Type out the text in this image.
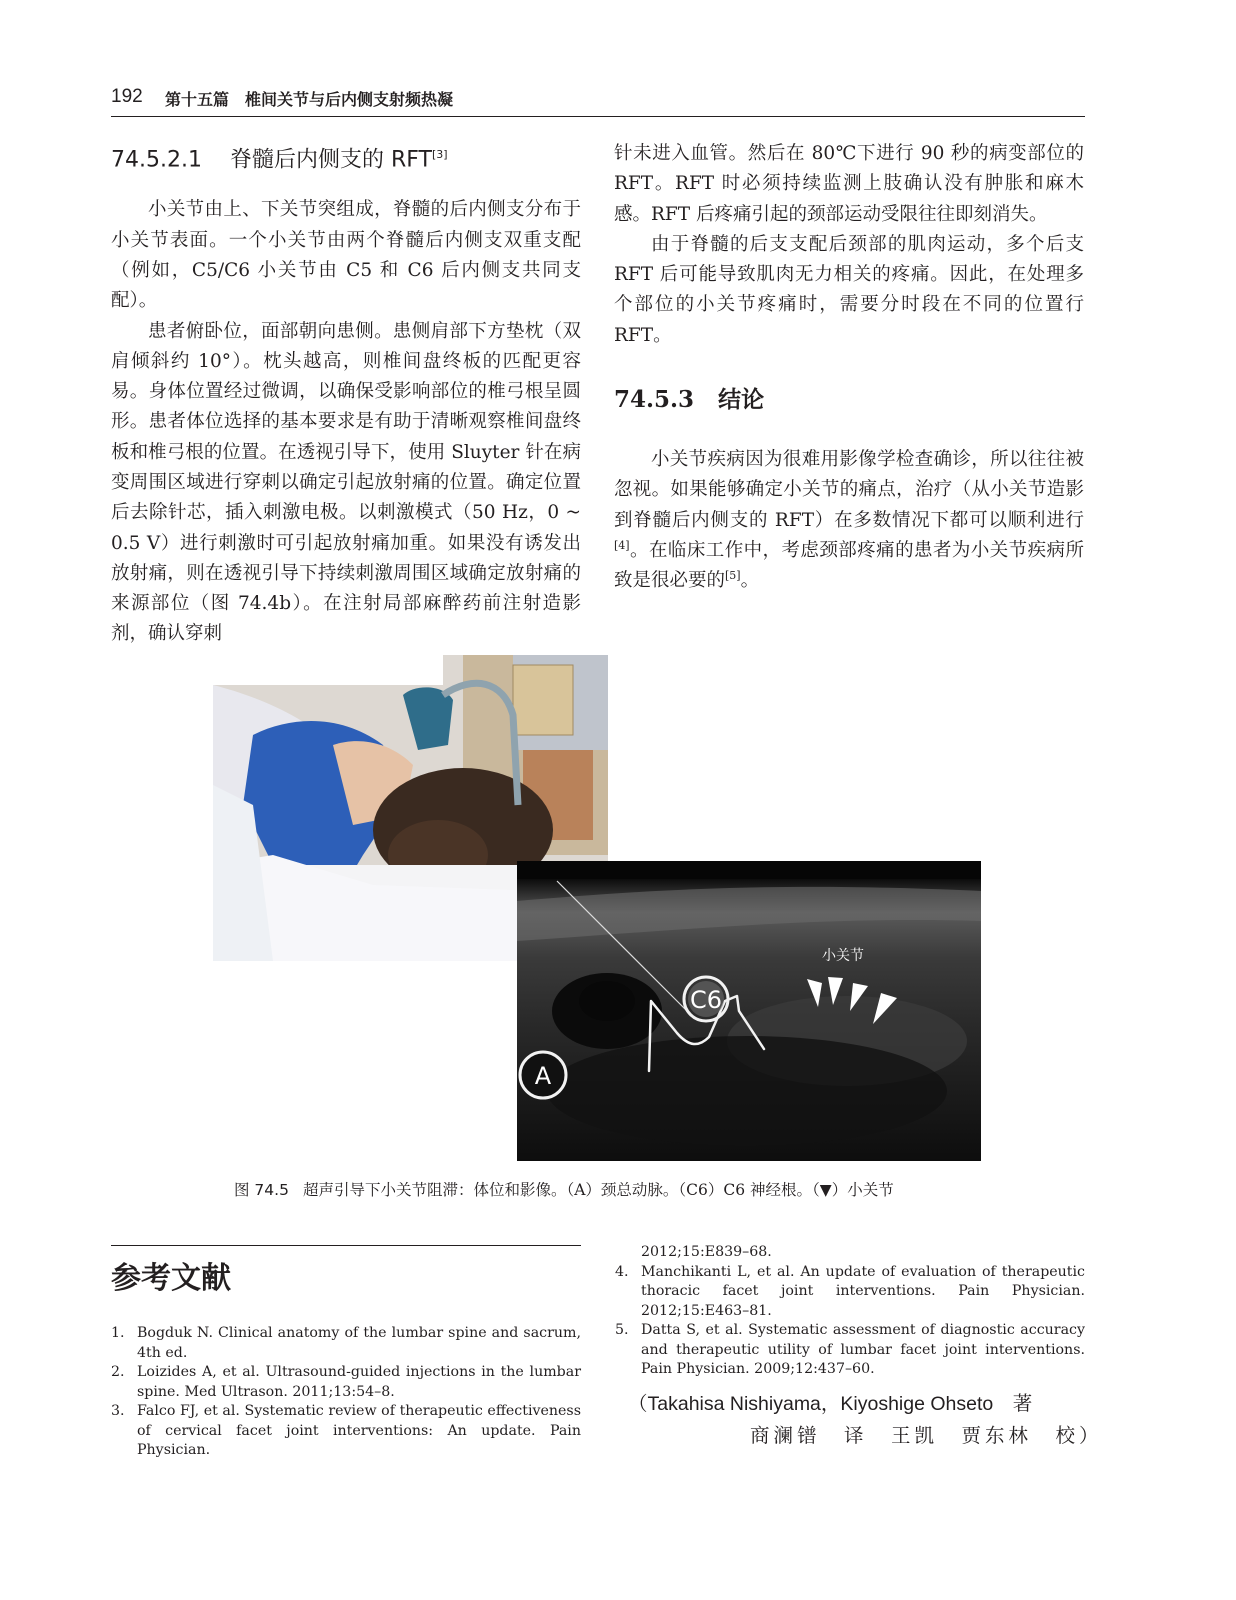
192 第十五篇　椎间关节与后内侧支射频热凝
74.5.2.1 脊髓后内侧支的 RFT[3]

小关节由上、下关节突组成，脊髓的后内侧支分布于小关节表面。一个小关节由两个脊髓后内侧支双重支配（例如，C5/C6 小关节由 C5 和 C6 后内侧支共同支配）。

患者俯卧位，面部朝向患侧。患侧肩部下方垫枕（双肩倾斜约 10°）。枕头越高，则椎间盘终板的匹配更容易。身体位置经过微调，以确保受影响部位的椎弓根呈圆形。患者体位选择的基本要求是有助于清晰观察椎间盘终板和椎弓根的位置。在透视引导下，使用 Sluyter 针在病变周围区域进行穿刺以确定引起放射痛的位置。确定位置后去除针芯，插入刺激电极。以刺激模式（50 Hz，0 ~ 0.5 V）进行刺激时可引起放射痛加重。如果没有诱发出放射痛，则在透视引导下持续刺激周围区域确定放射痛的来源部位（图 74.4b）。在注射局部麻醉药前注射造影剂，确认穿刺

针未进入血管。然后在 80℃下进行 90 秒的病变部位的 RFT。RFT 时必须持续监测上肢确认没有肿胀和麻木感。RFT 后疼痛引起的颈部运动受限往往即刻消失。

由于脊髓的后支支配后颈部的肌肉运动，多个后支 RFT 后可能导致肌肉无力相关的疼痛。因此，在处理多个部位的小关节疼痛时，需要分时段在不同的位置行 RFT。

74.5.3 结论

小关节疾病因为很难用影像学检查确诊，所以往往被忽视。如果能够确定小关节的痛点，治疗（从小关节造影到脊髓后内侧支的 RFT）在多数情况下都可以顺利进行[4]。在临床工作中，考虑颈部疼痛的患者为小关节疾病所致是很必要的[5]。

C6
A
小关节
图 74.5 超声引导下小关节阻滞：体位和影像。（A）颈总动脉。（C6）C6 神经根。（▼）小关节
参考文献
1. Bogduk N. Clinical anatomy of the lumbar spine and sacrum, 4th ed.
2. Loizides A, et al. Ultrasound-guided injections in the lumbar spine. Med Ultrason. 2011;13:54–8.
3. Falco FJ, et al. Systematic review of therapeutic effectiveness of cervical facet joint interventions: An update. Pain Physician.
2012;15:E839–68.
4. Manchikanti L, et al. An update of evaluation of therapeutic thoracic facet joint interventions. Pain Physician. 2012;15:E463–81.
5. Datta S, et al. Systematic assessment of diagnostic accuracy and therapeutic utility of lumbar facet joint interventions. Pain Physician. 2009;12:437–60.
（Takahisa Nishiyama，Kiyoshige Ohseto　著
商澜镨　译　王凯　贾东林　校）
